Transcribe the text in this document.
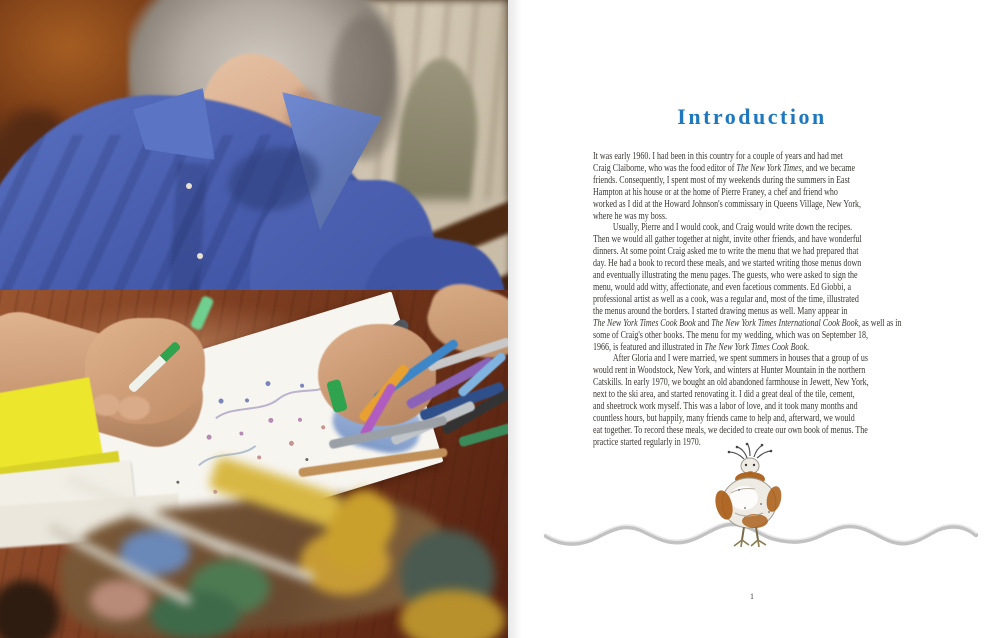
Introduction

It was early 1960. I had been in this country for a couple of years and had met
Craig Claiborne, who was the food editor of The New York Times, and we became
friends. Consequently, I spent most of my weekends during the summers in East
Hampton at his house or at the home of Pierre Franey, a chef and friend who
worked as I did at the Howard Johnson's commissary in Queens Village, New York,
where he was my boss.

Usually, Pierre and I would cook, and Craig would write down the recipes.
Then we would all gather together at night, invite other friends, and have wonderful
dinners. At some point Craig asked me to write the menu that we had prepared that
day. He had a book to record these meals, and we started writing those menus down
and eventually illustrating the menu pages. The guests, who were asked to sign the
menu, would add witty, affectionate, and even facetious comments. Ed Giobbi, a
professional artist as well as a cook, was a regular and, most of the time, illustrated
the menus around the borders. I started drawing menus as well. Many appear in
The New York Times Cook Book and The New York Times International Cook Book, as well as in
some of Craig's other books. The menu for my wedding, which was on September 18,
1966, is featured and illustrated in The New York Times Cook Book.

After Gloria and I were married, we spent summers in houses that a group of us
would rent in Woodstock, New York, and winters at Hunter Mountain in the northern
Catskills. In early 1970, we bought an old abandoned farmhouse in Jewett, New York,
next to the ski area, and started renovating it. I did a great deal of the tile, cement,
and sheetrock work myself. This was a labor of love, and it took many months and
countless hours, but happily, many friends came to help and, afterward, we would
eat together. To record these meals, we decided to create our own book of menus. The
practice started regularly in 1970.

1
